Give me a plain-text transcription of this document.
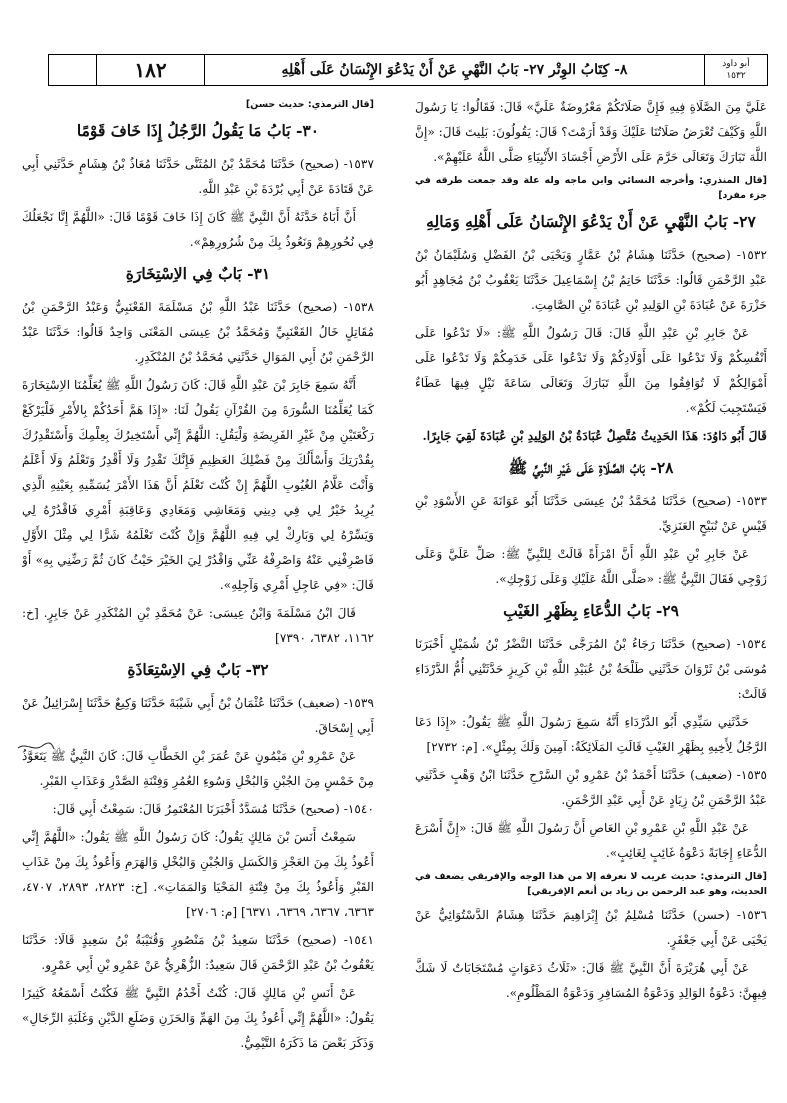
١٨٢	٨- كِتَابُ الوِتْر ٢٧- بَابُ النَّهْيِ عَنْ أَنْ يَدْعُوَ الإِنْسَانُ عَلَى أَهْلِهِ	أبو داود
١٥٣٢

عَلَيَّ مِنَ الصَّلَاةِ فِيهِ فَإِنَّ صَلَاتَكُمْ مَعْرُوضَةٌ عَلَيَّ» قَالَ: فَقَالُوا: يَا رَسُولَ اللَّهِ وَكَيْفَ تُعْرَضُ صَلَاتُنَا عَلَيْكَ وَقَدْ أَرَمْتَ؟ قَالَ: يَقُولُونَ: بَلِيتَ قَالَ: «إِنَّ اللَّهَ تَبَارَكَ وَتَعَالَى حَرَّمَ عَلَى الأَرْضِ أَجْسَادَ الأَنْبِيَاءِ صَلَّى اللَّهُ عَلَيْهِمْ».

[قال المنذري: وأخرجه النسائي وابن ماجه وله علة وقد جمعت طرقه في جزء مفرد]
٢٧- بَابُ النَّهْيِ عَنْ أَنْ يَدْعُوَ الإِنْسَانُ عَلَى أَهْلِهِ وَمَالِهِ

١٥٣٢- (صحيح) حَدَّثَنَا هِشَامُ بْنُ عَمَّارٍ وَيَحْيَى بْنُ الفَضْلِ وَسُلَيْمَانُ بْنُ عَبْدِ الرَّحْمَنِ قَالُوا: حَدَّثَنَا حَاتِمُ بْنُ إِسْمَاعِيلَ حَدَّثَنَا يَعْقُوبُ بْنُ مُجَاهِدٍ أَبُو حَزْرَةَ عَنْ عُبَادَةَ بْنِ الوَلِيدِ بْنِ عُبَادَةَ بْنِ الصَّامِتِ.

عَنْ جَابِرِ بْنِ عَبْدِ اللَّهِ قَالَ: قَالَ رَسُولُ اللَّهِ ﷺ: «لَا تَدْعُوا عَلَى أَنْفُسِكُمْ وَلَا تَدْعُوا عَلَى أَوْلَادِكُمْ وَلَا تَدْعُوا عَلَى خَدَمِكُمْ وَلَا تَدْعُوا عَلَى أَمْوَالِكُمْ لَا تُوَافِقُوا مِنَ اللَّهِ تَبَارَكَ وَتَعَالَى سَاعَةَ نَيْلٍ فِيهَا عَطَاءٌ فَيَسْتَجِيبَ لَكُمْ».

قَالَ أَبُو دَاوُدَ: هَذَا الحَدِيثُ مُتَّصِلٌ عُبَادَةُ بْنُ الوَلِيدِ بْنِ عُبَادَةَ لَقِيَ جَابِرًا.

٢٨- بَابُ الصَّلَاةِ عَلَى غَيْرِ النَّبِيِّ ﷺ

١٥٣٣- (صحيح) حَدَّثَنَا مُحَمَّدُ بْنُ عِيسَى حَدَّثَنَا أَبُو عَوَانَةَ عَنِ الأَسْوَدِ بْنِ قَيْسٍ عَنْ نُبَيْحٍ العَنَزِيِّ.

عَنْ جَابِرِ بْنِ عَبْدِ اللَّهِ أَنَّ امْرَأَةً قَالَتْ لِلنَّبِيِّ ﷺ: صَلِّ عَلَيَّ وَعَلَى زَوْجِي فَقَالَ النَّبِيُّ ﷺ: «صَلَّى اللَّهُ عَلَيْكِ وَعَلَى زَوْجِكِ».

٢٩- بَابُ الدُّعَاءِ بِظَهْرِ الغَيْبِ

١٥٣٤- (صحيح) حَدَّثَنَا رَجَاءُ بْنُ المُرَجَّى حَدَّثَنَا النَّضْرُ بْنُ شُمَيْلٍ أَخْبَرَنَا مُوسَى بْنُ ثَرْوَانَ حَدَّثَنِي طَلْحَةُ بْنُ عُبَيْدِ اللَّهِ بْنِ كَرِيزٍ حَدَّثَتْنِي أُمُّ الدَّرْدَاءِ قَالَتْ:

حَدَّثَنِي سَيِّدِي أَبُو الدَّرْدَاءِ أَنَّهُ سَمِعَ رَسُولَ اللَّهِ ﷺ يَقُولُ: «إِذَا دَعَا الرَّجُلُ لِأَخِيهِ بِظَهْرِ الغَيْبِ قَالَتِ المَلَائِكَةُ: آمِينَ وَلَكَ بِمِثْلٍ». [م: ٢٧٣٢]

١٥٣٥- (ضعيف) حَدَّثَنَا أَحْمَدُ بْنُ عَمْرِو بْنِ السَّرْحِ حَدَّثَنَا ابْنُ وَهْبٍ حَدَّثَنِي عَبْدُ الرَّحْمَنِ بْنُ زِيَادٍ عَنْ أَبِي عَبْدِ الرَّحْمَنِ.

عَنْ عَبْدِ اللَّهِ بْنِ عَمْرِو بْنِ العَاصِ أَنَّ رَسُولَ اللَّهِ ﷺ قَالَ: «إِنَّ أَسْرَعَ الدُّعَاءِ إِجَابَةً دَعْوَةُ غَائِبٍ لِغَائِبٍ».

[قال الترمذي: حديث غريب لا نعرفه إلا من هذا الوجه والإفريقي يضعف في الحديث، وهو عبد الرحمن بن زياد بن أنعم الإفريقي]

١٥٣٦- (حسن) حَدَّثَنَا مُسْلِمُ بْنُ إِبْرَاهِيمَ حَدَّثَنَا هِشَامٌ الدَّسْتُوَائِيُّ عَنْ يَحْيَى عَنْ أَبِي جَعْفَرٍ.

عَنْ أَبِي هُرَيْرَةَ أَنَّ النَّبِيَّ ﷺ قَالَ: «ثَلَاثُ دَعَوَاتٍ مُسْتَجَابَاتٌ لَا شَكَّ فِيهِنَّ: دَعْوَةُ الوَالِدِ وَدَعْوَةُ المُسَافِرِ وَدَعْوَةُ المَظْلُومِ».

[قال الترمذي: حديث حسن]
٣٠- بَابُ مَا يَقُولُ الرَّجُلُ إِذَا خَافَ قَوْمًا

١٥٣٧- (صحيح) حَدَّثَنَا مُحَمَّدُ بْنُ المُثَنَّى حَدَّثَنَا مُعَاذُ بْنُ هِشَامٍ حَدَّثَنِي أَبِي عَنْ قَتَادَةَ عَنْ أَبِي بُرْدَةَ بْنِ عَبْدِ اللَّهِ.

أَنَّ أَبَاهُ حَدَّثَهُ أَنَّ النَّبِيَّ ﷺ كَانَ إِذَا خَافَ قَوْمًا قَالَ: «اللَّهُمَّ إِنَّا نَجْعَلُكَ فِي نُحُورِهِمْ وَنَعُوذُ بِكَ مِنْ شُرُورِهِمْ».

٣١- بَابٌ فِي الاِسْتِخَارَةِ

١٥٣٨- (صحيح) حَدَّثَنَا عَبْدُ اللَّهِ بْنُ مَسْلَمَةَ القَعْنَبِيُّ وَعَبْدُ الرَّحْمَنِ بْنُ مُقَاتِلٍ خَالُ القَعْنَبِيِّ وَمُحَمَّدُ بْنُ عِيسَى المَعْنَى وَاحِدٌ قَالُوا: حَدَّثَنَا عَبْدُ الرَّحْمَنِ بْنُ أَبِي المَوَالِ حَدَّثَنِي مُحَمَّدُ بْنُ المُنْكَدِرِ.

أَنَّهُ سَمِعَ جَابِرَ بْنَ عَبْدِ اللَّهِ قَالَ: كَانَ رَسُولُ اللَّهِ ﷺ يُعَلِّمُنَا الاِسْتِخَارَةَ كَمَا يُعَلِّمُنَا السُّورَةَ مِنَ القُرْآنِ يَقُولُ لَنَا: «إِذَا هَمَّ أَحَدُكُمْ بِالأَمْرِ فَلْيَرْكَعْ رَكْعَتَيْنِ مِنْ غَيْرِ الفَرِيضَةِ وَلْيَقُلِ: اللَّهُمَّ إِنِّي أَسْتَخِيرُكَ بِعِلْمِكَ وَأَسْتَقْدِرُكَ بِقُدْرَتِكَ وَأَسْأَلُكَ مِنْ فَضْلِكَ العَظِيمِ فَإِنَّكَ تَقْدِرُ وَلَا أَقْدِرُ وَتَعْلَمُ وَلَا أَعْلَمُ وَأَنْتَ عَلَّامُ الغُيُوبِ اللَّهُمَّ إِنْ كُنْتَ تَعْلَمُ أَنَّ هَذَا الأَمْرَ يُسَمِّيهِ بِعَيْنِهِ الَّذِي يُرِيدُ خَيْرٌ لِي فِي دِينِي وَمَعَاشِي وَمَعَادِي وَعَاقِبَةِ أَمْرِي فَاقْدُرْهُ لِي وَيَسِّرْهُ لِي وَبَارِكْ لِي فِيهِ اللَّهُمَّ وَإِنْ كُنْتَ تَعْلَمُهُ شَرًّا لِي مِثْلَ الأَوَّلِ فَاصْرِفْنِي عَنْهُ وَاصْرِفْهُ عَنِّي وَاقْدُرْ لِيَ الخَيْرَ حَيْثُ كَانَ ثُمَّ رَضِّنِي بِهِ» أَوْ قَالَ: «فِي عَاجِلِ أَمْرِي وَآجِلِهِ».

قَالَ ابْنُ مَسْلَمَةَ وَابْنُ عِيسَى: عَنْ مُحَمَّدِ بْنِ المُنْكَدِرِ عَنْ جَابِرٍ. [خ: ١١٦٢، ٦٣٨٢، ٧٣٩٠]

٣٢- بَابٌ فِي الاِسْتِعَاذَةِ

١٥٣٩- (ضعيف) حَدَّثَنَا عُثْمَانُ بْنُ أَبِي شَيْبَةَ حَدَّثَنَا وَكِيعٌ حَدَّثَنَا إِسْرَائِيلُ عَنْ أَبِي إِسْحَاقَ.

عَنْ عَمْرِو بْنِ مَيْمُونٍ عَنْ عُمَرَ بْنِ الخَطَّابِ قَالَ: كَانَ النَّبِيُّ ﷺ يَتَعَوَّذُ مِنْ خَمْسٍ مِنَ الجُبْنِ وَالبُخْلِ وَسُوءِ العُمُرِ وَفِتْنَةِ الصَّدْرِ وَعَذَابِ القَبْرِ.

١٥٤٠- (صحيح) حَدَّثَنَا مُسَدَّدٌ أَخْبَرَنَا المُعْتَمِرُ قَالَ: سَمِعْتُ أَبِي قَالَ:

سَمِعْتُ أَنَسَ بْنَ مَالِكٍ يَقُولُ: كَانَ رَسُولُ اللَّهِ ﷺ يَقُولُ: «اللَّهُمَّ إِنِّي أَعُوذُ بِكَ مِنَ العَجْزِ وَالكَسَلِ وَالجُبْنِ وَالبُخْلِ وَالهَرَمِ وَأَعُوذُ بِكَ مِنْ عَذَابِ القَبْرِ وَأَعُوذُ بِكَ مِنْ فِتْنَةِ المَحْيَا وَالمَمَاتِ». [خ: ٢٨٢٣، ٢٨٩٣، ٤٧٠٧، ٦٣٦٣، ٦٣٦٧، ٦٣٦٩، ٦٣٧١] [م: ٢٧٠٦]

١٥٤١- (صحيح) حَدَّثَنَا سَعِيدُ بْنُ مَنْصُورٍ وَقُتَيْبَةُ بْنُ سَعِيدٍ قَالَا: حَدَّثَنَا يَعْقُوبُ بْنُ عَبْدِ الرَّحْمَنِ قَالَ سَعِيدٌ: الزُّهْرِيُّ عَنْ عَمْرِو بْنِ أَبِي عَمْرٍو.

عَنْ أَنَسِ بْنِ مَالِكٍ قَالَ: كُنْتُ أَخْدُمُ النَّبِيَّ ﷺ فَكُنْتُ أَسْمَعُهُ كَثِيرًا يَقُولُ: «اللَّهُمَّ إِنِّي أَعُوذُ بِكَ مِنَ الهَمِّ وَالحَزَنِ وَضَلَعِ الدَّيْنِ وَغَلَبَةِ الرِّجَالِ» وَذَكَرَ بَعْضَ مَا ذَكَرَهُ التَّيْمِيُّ.
